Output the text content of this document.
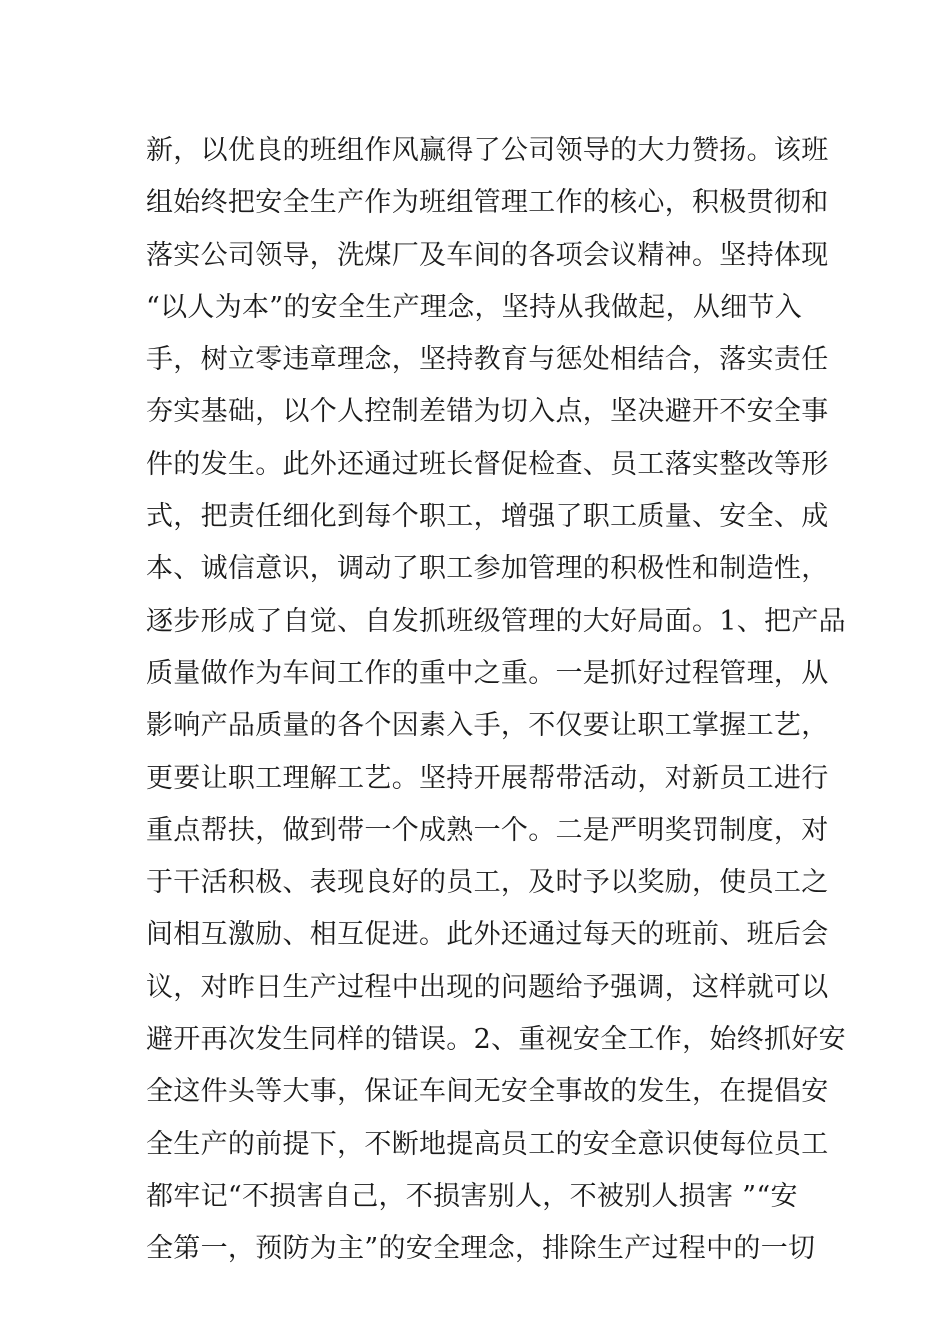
新，以优良的班组作风赢得了公司领导的大力赞扬。该班
组始终把安全生产作为班组管理工作的核心，积极贯彻和
落实公司领导，洗煤厂及车间的各项会议精神。坚持体现
“以人为本”的安全生产理念，坚持从我做起，从细节入
手，树立零违章理念，坚持教育与惩处相结合，落实责任
夯实基础，以个人控制差错为切入点，坚决避开不安全事
件的发生。此外还通过班长督促检查、员工落实整改等形
式，把责任细化到每个职工，增强了职工质量、安全、成
本、诚信意识，调动了职工参加管理的积极性和制造性，
逐步形成了自觉、自发抓班级管理的大好局面。1、把产品
质量做作为车间工作的重中之重。一是抓好过程管理，从
影响产品质量的各个因素入手，不仅要让职工掌握工艺，
更要让职工理解工艺。坚持开展帮带活动，对新员工进行
重点帮扶，做到带一个成熟一个。二是严明奖罚制度，对
于干活积极、表现良好的员工，及时予以奖励，使员工之
间相互激励、相互促进。此外还通过每天的班前、班后会
议，对昨日生产过程中出现的问题给予强调，这样就可以
避开再次发生同样的错误。2、重视安全工作，始终抓好安
全这件头等大事，保证车间无安全事故的发生，在提倡安
全生产的前提下，不断地提高员工的安全意识使每位员工
都牢记“不损害自己，不损害别人，不被别人损害 ”“安
全第一，预防为主”的安全理念，排除生产过程中的一切
